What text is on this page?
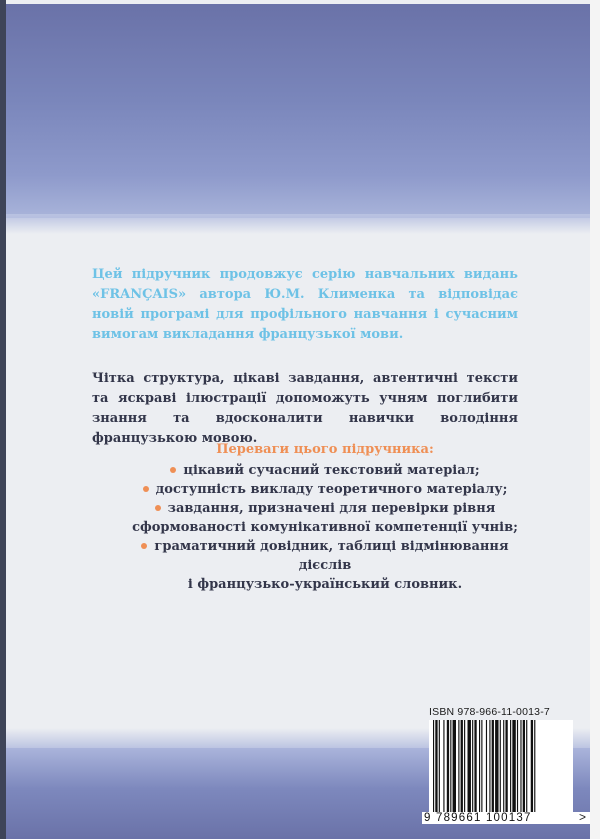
Цей підручник продовжує серію навчальних видань «FRANÇAIS» автора Ю.М. Клименка та відповідає новій програмі для профільного навчання і сучасним вимогам викладання французької мови.

Чітка структура, цікаві завдання, автентичні тексти та яскраві ілюстрації допоможуть учням поглибити знання та вдосконалити навички володіння французькою мовою.

Переваги цього підручника:

цікавий сучасний текстовий матеріал;
доступність викладу теоретичного матеріалу;
завдання, призначені для перевірки рівня
сформованості комунікативної компетенції учнів;
граматичний довідник, таблиці відмінювання дієслів
і французько-український словник.
ISBN 978-966-11-0013-7
9 789661 100137	>
